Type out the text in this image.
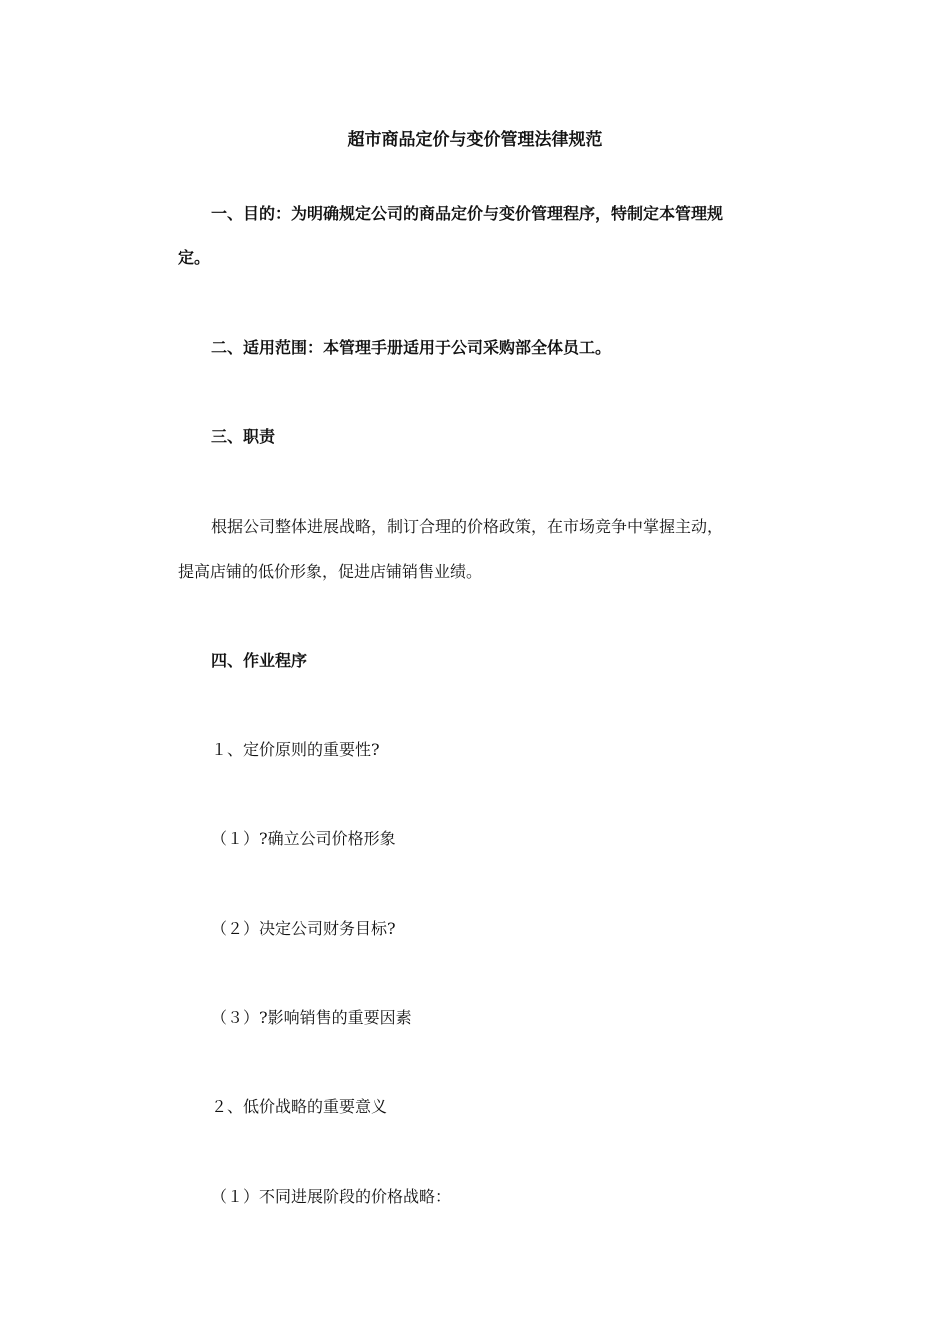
超市商品定价与变价管理法律规范

一、目的：为明确规定公司的商品定价与变价管理程序，特制定本管理规

定。

二、适用范围：本管理手册适用于公司采购部全体员工。

三、职责

根据公司整体进展战略，制订合理的价格政策，在市场竞争中掌握主动，

提高店铺的低价形象，促进店铺销售业绩。

四、作业程序

１、定价原则的重要性?

（１）?确立公司价格形象

（２）决定公司财务目标?

（３）?影响销售的重要因素

２、低价战略的重要意义

（１）不同进展阶段的价格战略：
